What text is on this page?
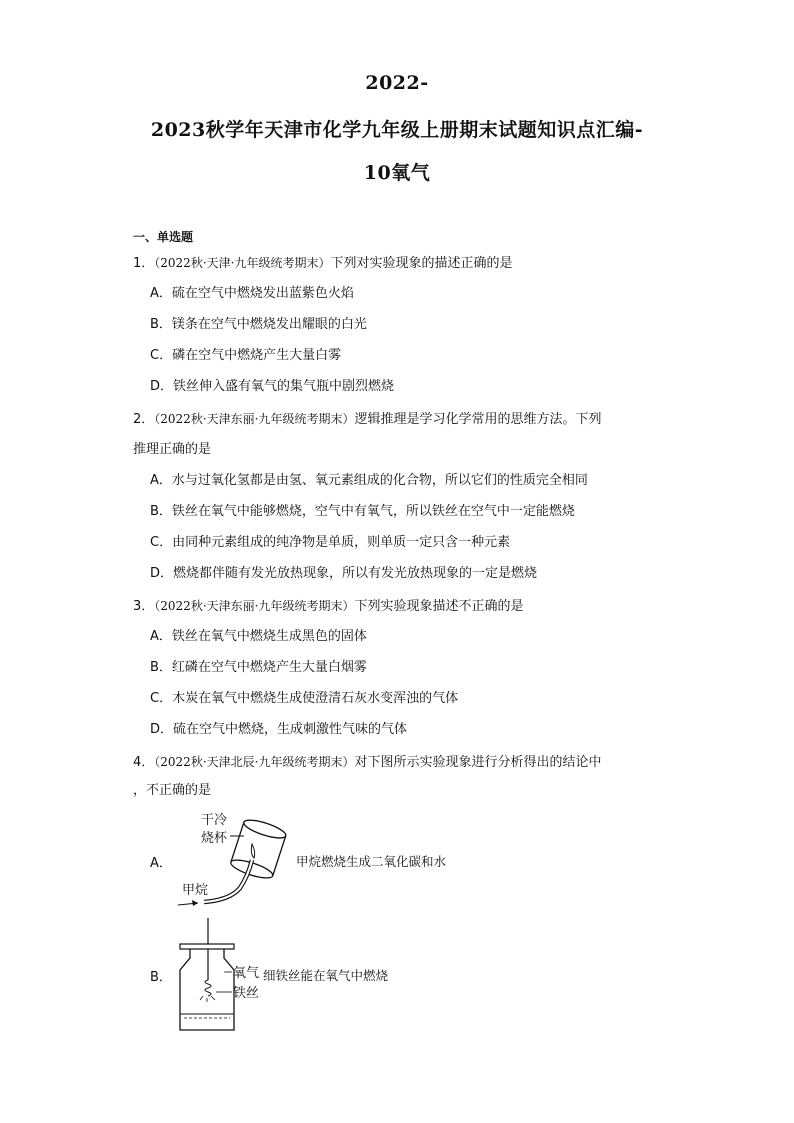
2022-
2023秋学年天津市化学九年级上册期末试题知识点汇编-
10氧气
一、单选题
1．（2022秋·天津·九年级统考期末）下列对实验现象的描述正确的是
A．硫在空气中燃烧发出蓝紫色火焰
B．镁条在空气中燃烧发出耀眼的白光
C．磷在空气中燃烧产生大量白雾
D．铁丝伸入盛有氧气的集气瓶中剧烈燃烧
2．（2022秋·天津东丽·九年级统考期末）逻辑推理是学习化学常用的思维方法。下列
推理正确的是
A．水与过氧化氢都是由氢、氧元素组成的化合物，所以它们的性质完全相同
B．铁丝在氧气中能够燃烧，空气中有氧气，所以铁丝在空气中一定能燃烧
C．由同种元素组成的纯净物是单质，则单质一定只含一种元素
D．燃烧都伴随有发光放热现象，所以有发光放热现象的一定是燃烧
3．（2022秋·天津东丽·九年级统考期末）下列实验现象描述不正确的是
A．铁丝在氧气中燃烧生成黑色的固体
B．红磷在空气中燃烧产生大量白烟雾
C．木炭在氧气中燃烧生成使澄清石灰水变浑浊的气体
D．硫在空气中燃烧，生成刺激性气味的气体
4．（2022秋·天津北辰·九年级统考期末）对下图所示实验现象进行分析得出的结论中
，不正确的是
A．
干冷
烧杯
甲烷
甲烷燃烧生成二氧化碳和水
B．	氧气
铁丝
细铁丝能在氧气中燃烧
